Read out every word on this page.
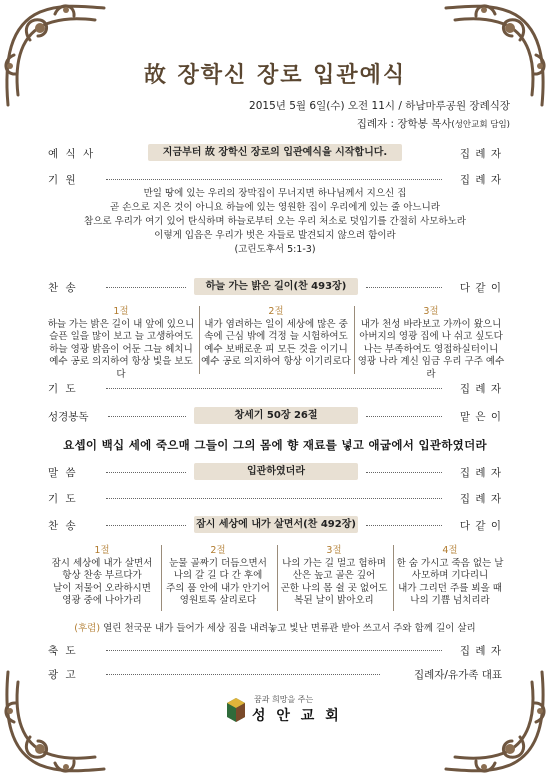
故 장학신 장로 입관예식
2015년 5월 6일(수) 오전 11시 / 하남마루공원 장례식장
집례자 : 장학봉 목사(성안교회 담임)
예 식 사	지금부터 故 장학신 장로의 입관예식을 시작합니다.	집 례 자
기 원	집 례 자
만일 땅에 있는 우리의 장막집이 무너지면 하나님께서 지으신 집
곧 손으로 지은 것이 아니요 하늘에 있는 영원한 집이 우리에게 있는 줄 아느니라
참으로 우리가 여기 있어 탄식하며 하늘로부터 오는 우리 처소로 덧입기를 간절히 사모하노라
이렇게 입음은 우리가 벗은 자들로 발견되지 않으려 함이라
(고린도후서 5:1-3)
찬 송	하늘 가는 밝은 길이(찬 493장)	다 같 이
1절
하늘 가는 밝은 길이 내 앞에 있으니
슬픈 일을 많이 보고 늘 고생하여도
하늘 영광 밝음이 어둔 그늘 헤치니
예수 공로 의지하여 항상 빛을 보도다
2절
내가 염려하는 일이 세상에 많은 중
속에 근심 밖에 걱정 늘 시험하여도
예수 보배로운 피 모든 것을 이기니
예수 공로 의지하여 항상 이기리로다
3절
내가 천성 바라보고 가까이 왔으니
아버지의 영광 집에 나 쉬고 싶도다
나는 부족하여도 영접하실터이니
영광 나라 계신 임금 우리 구주 예수라
기 도	집 례 자
성경봉독	창세기 50장 26절	맡 은 이
요셉이 백십 세에 죽으매 그들이 그의 몸에 향 재료를 넣고 애굽에서 입관하였더라
말 씀	입관하였더라	집 례 자
기 도	집 례 자
찬 송	잠시 세상에 내가 살면서(찬 492장)	다 같 이
1절
잠시 세상에 내가 살면서
항상 찬송 부르다가
날이 저물어 오라하시면
영광 중에 나아가리
2절
눈물 골짜기 더듬으면서
나의 갈 길 다 간 후에
주의 품 안에 내가 안기어
영원토록 살리로다
3절
나의 가는 길 멀고 험하며
산은 높고 골은 깊어
곤한 나의 몸 쉴 곳 없어도
복된 날이 밝아오리
4절
한 숨 가시고 죽음 없는 날
사모하며 기다리니
내가 그리던 주를 뵈올 때
나의 기쁨 넘치리라
(후렴) 열린 천국문 내가 들어가 세상 짐을 내려놓고 빛난 면류관 받아 쓰고서 주와 함께 길이 살리
축 도	집 례 자
광 고	집례자/유가족 대표
꿈과 희망을 주는
성 안 교 회
